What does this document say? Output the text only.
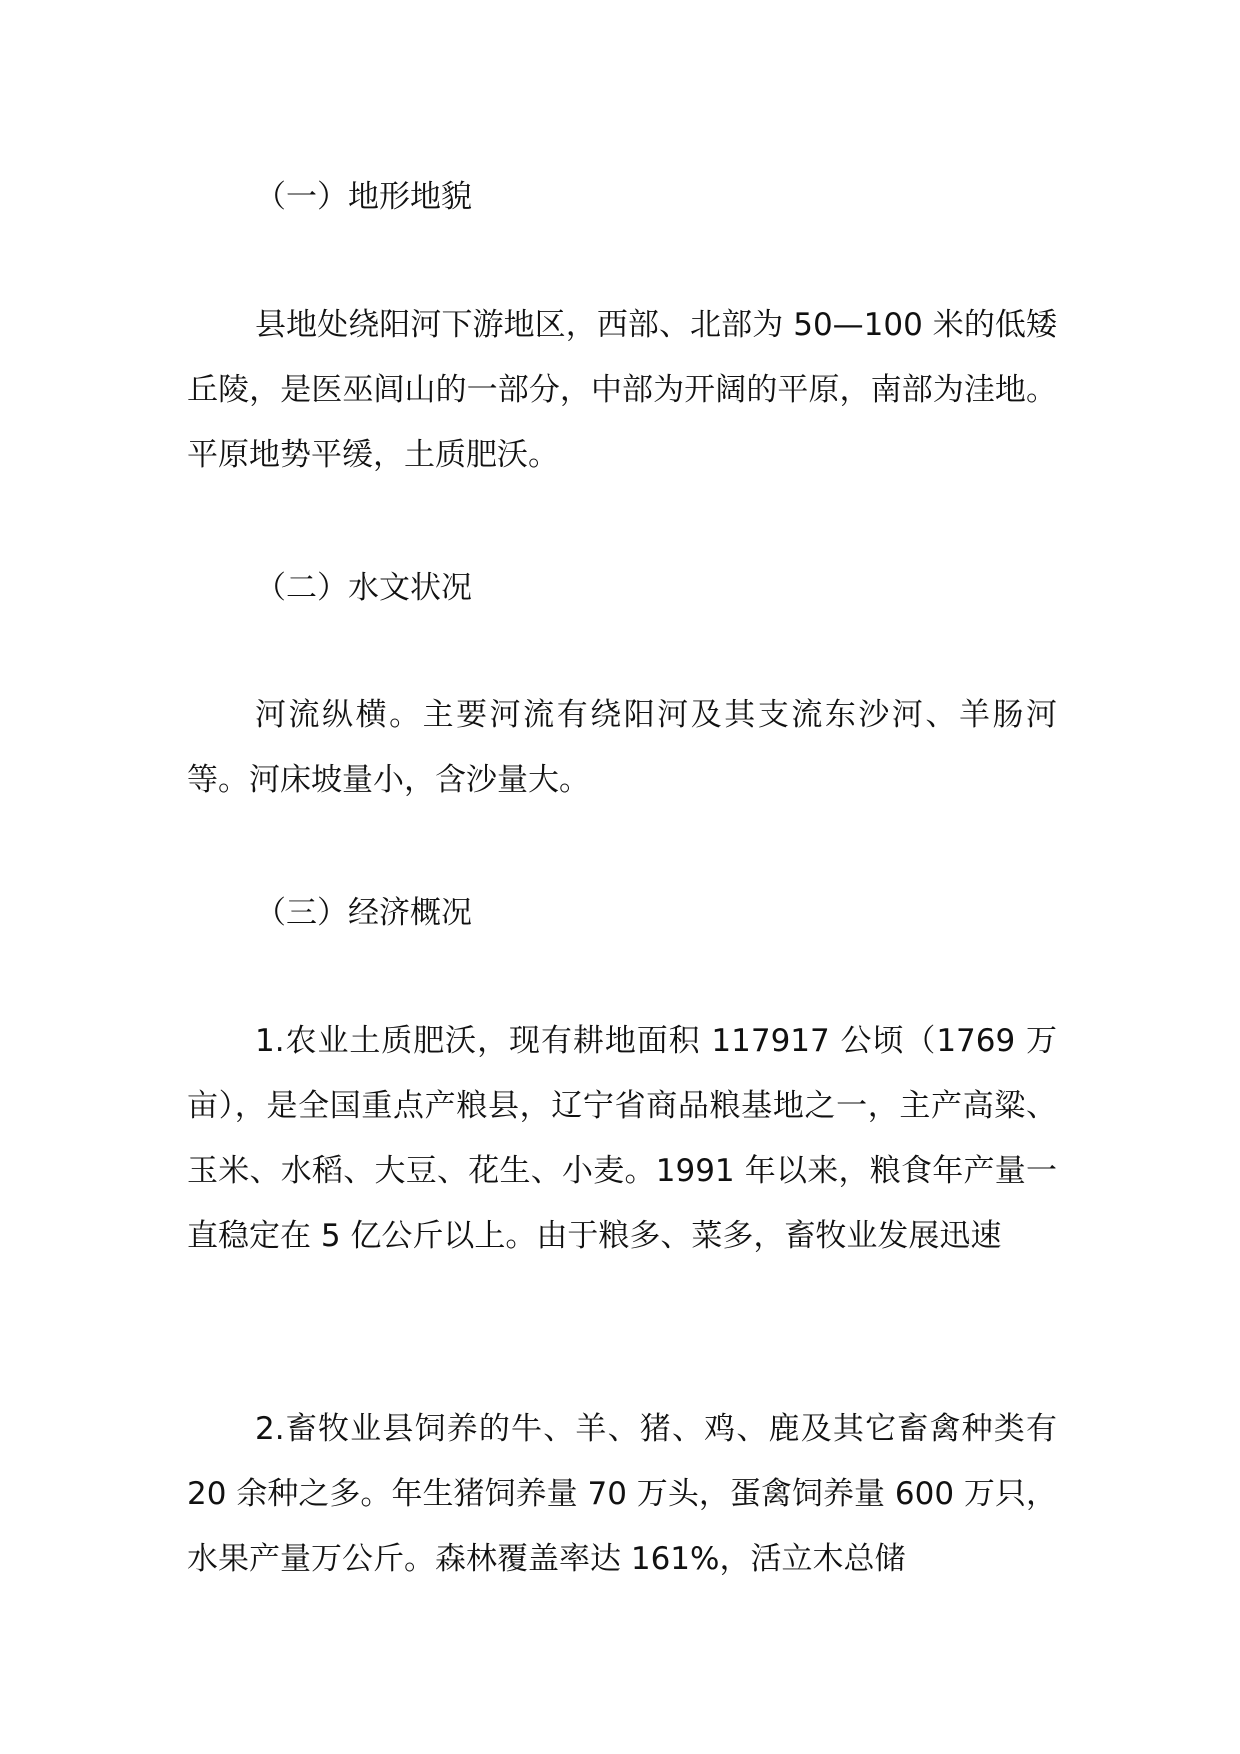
（一）地形地貌

县地处绕阳河下游地区，西部、北部为 50—100 米的低矮丘陵，是医巫闾山的一部分，中部为开阔的平原，南部为洼地。平原地势平缓，土质肥沃。

（二）水文状况

河流纵横。主要河流有绕阳河及其支流东沙河、羊肠河等。河床坡量小，含沙量大。

（三）经济概况

1.农业土质肥沃，现有耕地面积 117917 公顷（1769 万亩），是全国重点产粮县，辽宁省商品粮基地之一，主产高粱、玉米、水稻、大豆、花生、小麦。1991 年以来，粮食年产量一直稳定在 5 亿公斤以上。由于粮多、菜多，畜牧业发展迅速

2.畜牧业县饲养的牛、羊、猪、鸡、鹿及其它畜禽种类有 20 余种之多。年生猪饲养量 70 万头，蛋禽饲养量 600 万只，水果产量万公斤。森林覆盖率达 161%，活立木总储
